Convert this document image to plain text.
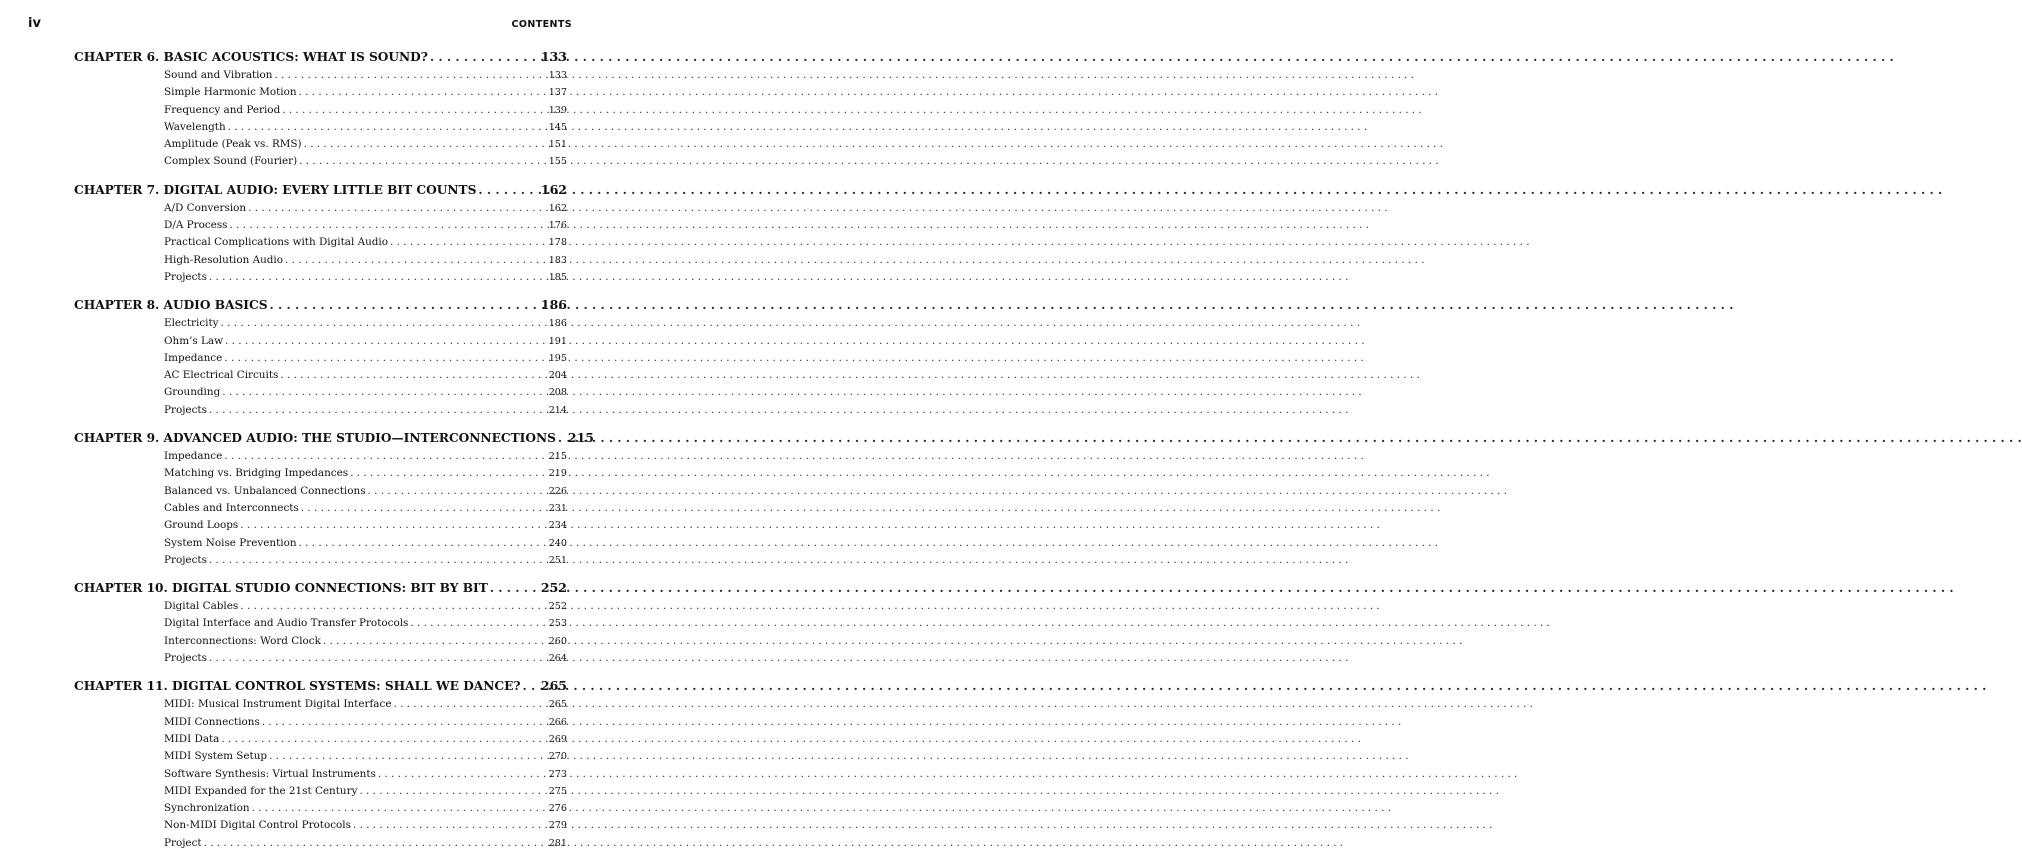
iv	CONTENTS
CHAPTER 6. BASIC ACOUSTICS: WHAT IS SOUND? . . .	133
Sound and Vibration . . .	133
Simple Harmonic Motion . . .	137
Frequency and Period . . .	139
Wavelength . . .	145
Amplitude (Peak vs. RMS) . . .	151
Complex Sound (Fourier) . . .	155
CHAPTER 7. DIGITAL AUDIO: EVERY LITTLE BIT COUNTS . . .	162
A/D Conversion . . .	162
D/A Process . . .	176
Practical Complications with Digital Audio . . .	178
High-Resolution Audio . . .	183
Projects . . .	185
CHAPTER 8. AUDIO BASICS . . .	186
Electricity . . .	186
Ohm’s Law . . .	191
Impedance . . .	195
AC Electrical Circuits . . .	204
Grounding . . .	208
Projects . . .	214
CHAPTER 9. ADVANCED AUDIO: THE STUDIO—INTERCONNECTIONS . . . 215
Impedance . . .	215
Matching vs. Bridging Impedances . . .	219
Balanced vs. Unbalanced Connections . . .	226
Cables and Interconnects . . .	231
Ground Loops . . .	234
System Noise Prevention . . .	240
Projects . . .	251
CHAPTER 10. DIGITAL STUDIO CONNECTIONS: BIT BY BIT . . .	252
Digital Cables . . .	252
Digital Interface and Audio Transfer Protocols . . .	253
Interconnections: Word Clock . . .	260
Projects . . .	264
CHAPTER 11. DIGITAL CONTROL SYSTEMS: SHALL WE DANCE? . . . 265
MIDI: Musical Instrument Digital Interface . . .	265
MIDI Connections . . .	266
MIDI Data . . .	269
MIDI System Setup . . .	270
Software Synthesis: Virtual Instruments . . .	273
MIDI Expanded for the 21st Century . . .	275
Synchronization . . .	276
Non-MIDI Digital Control Protocols . . .	279
Project . . .	281
